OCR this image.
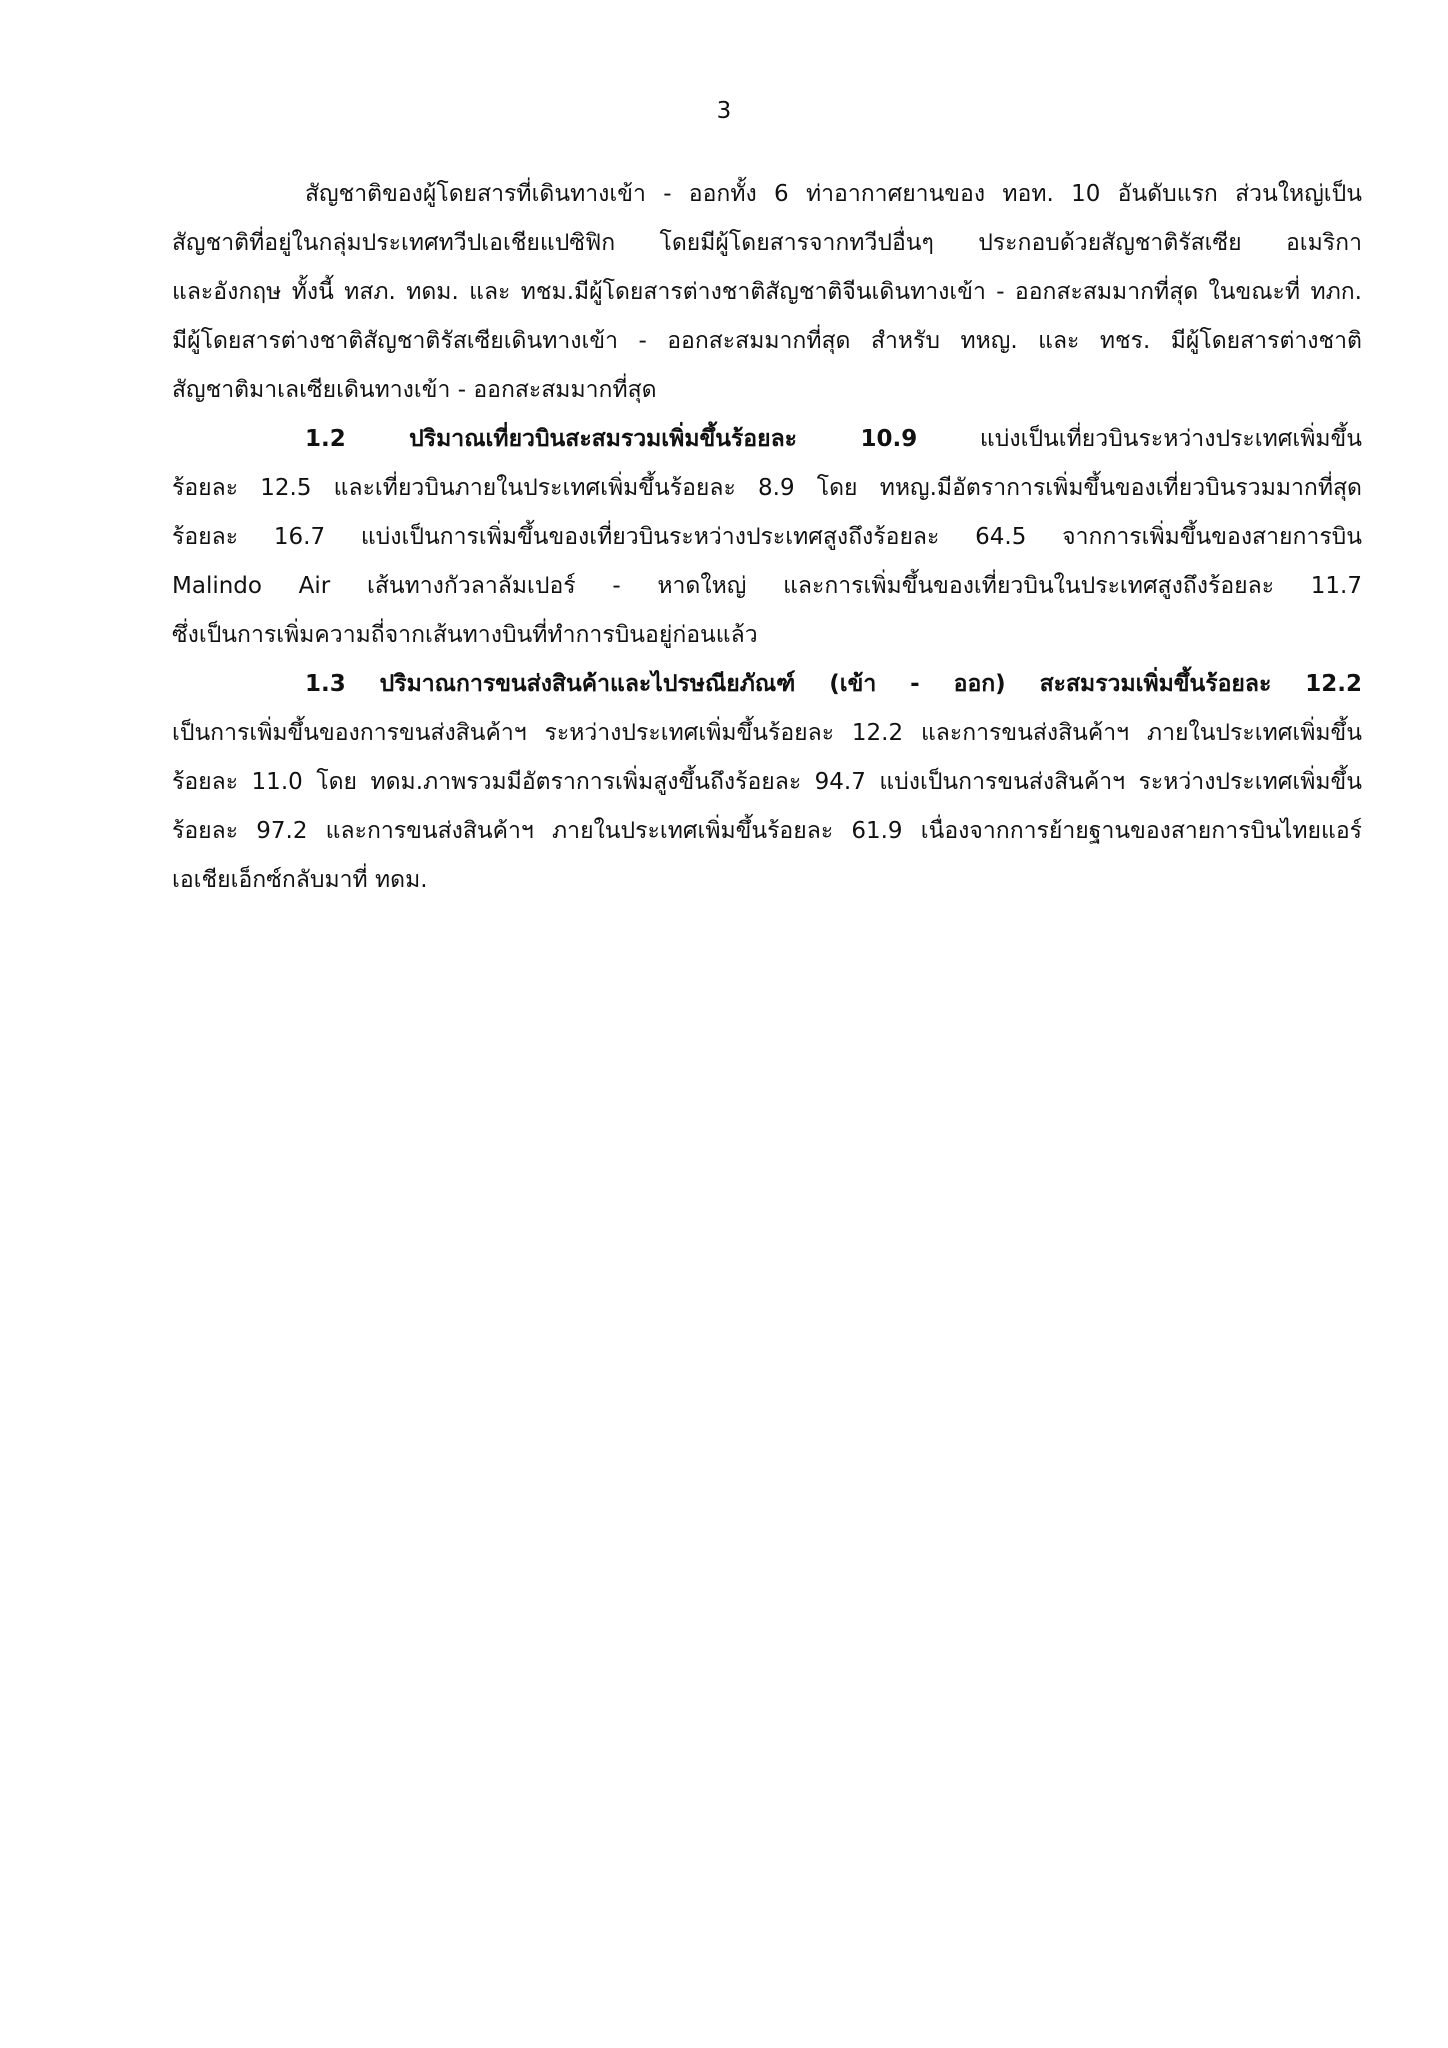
3
สัญชาติของผู้โดยสารที่เดินทางเข้า - ออกทั้ง 6 ท่าอากาศยานของ ทอท. 10 อันดับแรก ส่วนใหญ่เป็น
สัญชาติที่อยู่ในกลุ่มประเทศทวีปเอเชียแปซิฟิก โดยมีผู้โดยสารจากทวีปอื่นๆ ประกอบด้วยสัญชาติรัสเซีย อเมริกา
และอังกฤษ ทั้งนี้ ทสภ. ทดม. และ ทชม.มีผู้โดยสารต่างชาติสัญชาติจีนเดินทางเข้า - ออกสะสมมากที่สุด ในขณะที่ ทภก.
มีผู้โดยสารต่างชาติสัญชาติรัสเซียเดินทางเข้า - ออกสะสมมากที่สุด สำหรับ ทหญ. และ ทชร. มีผู้โดยสารต่างชาติ
สัญชาติมาเลเซียเดินทางเข้า - ออกสะสมมากที่สุด
1.2 ปริมาณเที่ยวบินสะสมรวมเพิ่มขึ้นร้อยละ 10.9 แบ่งเป็นเที่ยวบินระหว่างประเทศเพิ่มขึ้น
ร้อยละ 12.5 และเที่ยวบินภายในประเทศเพิ่มขึ้นร้อยละ 8.9 โดย ทหญ.มีอัตราการเพิ่มขึ้นของเที่ยวบินรวมมากที่สุด
ร้อยละ 16.7 แบ่งเป็นการเพิ่มขึ้นของเที่ยวบินระหว่างประเทศสูงถึงร้อยละ 64.5 จากการเพิ่มขึ้นของสายการบิน
Malindo Air เส้นทางกัวลาลัมเปอร์ - หาดใหญ่ และการเพิ่มขึ้นของเที่ยวบินในประเทศสูงถึงร้อยละ 11.7
ซึ่งเป็นการเพิ่มความถี่จากเส้นทางบินที่ทำการบินอยู่ก่อนแล้ว
1.3 ปริมาณการขนส่งสินค้าและไปรษณียภัณฑ์ (เข้า - ออก) สะสมรวมเพิ่มขึ้นร้อยละ 12.2
เป็นการเพิ่มขึ้นของการขนส่งสินค้าฯ ระหว่างประเทศเพิ่มขึ้นร้อยละ 12.2 และการขนส่งสินค้าฯ ภายในประเทศเพิ่มขึ้น
ร้อยละ 11.0 โดย ทดม.ภาพรวมมีอัตราการเพิ่มสูงขึ้นถึงร้อยละ 94.7 แบ่งเป็นการขนส่งสินค้าฯ ระหว่างประเทศเพิ่มขึ้น
ร้อยละ 97.2 และการขนส่งสินค้าฯ ภายในประเทศเพิ่มขึ้นร้อยละ 61.9 เนื่องจากการย้ายฐานของสายการบินไทยแอร์
เอเชียเอ็กซ์กลับมาที่ ทดม.
